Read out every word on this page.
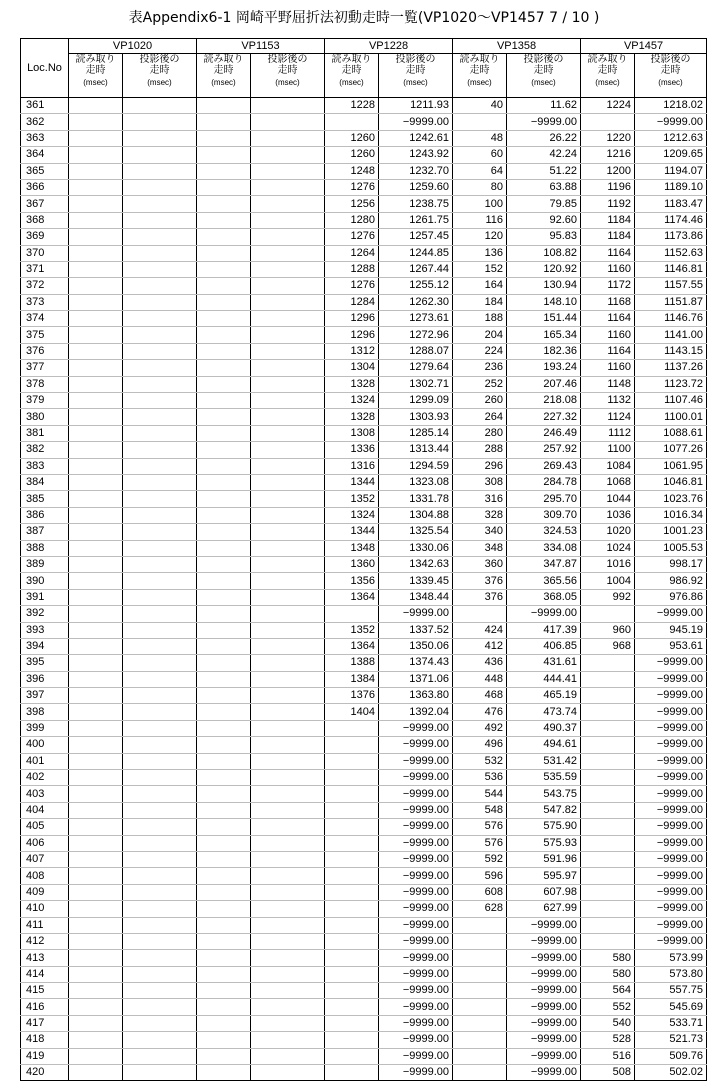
表Appendix6-1 岡崎平野屈折法初動走時一覧(VP1020～VP1457 7 / 10 )
Loc.No	VP1020		VP1153		VP1228		VP1358		VP1457	

	読み取り
走時
(msec)	投影後の
走時
(msec)	読み取り
走時
(msec)	投影後の
走時
(msec)	読み取り
走時
(msec)	投影後の
走時
(msec)	読み取り
走時
(msec)	投影後の
走時
(msec)	読み取り
走時
(msec)	投影後の
走時
(msec)

361					1228	1211.93	40	11.62	1224	1218.02
362						−9999.00		−9999.00		−9999.00
363					1260	1242.61	48	26.22	1220	1212.63
364					1260	1243.92	60	42.24	1216	1209.65
365					1248	1232.70	64	51.22	1200	1194.07
366					1276	1259.60	80	63.88	1196	1189.10
367					1256	1238.75	100	79.85	1192	1183.47
368					1280	1261.75	116	92.60	1184	1174.46
369					1276	1257.45	120	95.83	1184	1173.86
370					1264	1244.85	136	108.82	1164	1152.63
371					1288	1267.44	152	120.92	1160	1146.81
372					1276	1255.12	164	130.94	1172	1157.55
373					1284	1262.30	184	148.10	1168	1151.87
374					1296	1273.61	188	151.44	1164	1146.76
375					1296	1272.96	204	165.34	1160	1141.00
376					1312	1288.07	224	182.36	1164	1143.15
377					1304	1279.64	236	193.24	1160	1137.26
378					1328	1302.71	252	207.46	1148	1123.72
379					1324	1299.09	260	218.08	1132	1107.46
380					1328	1303.93	264	227.32	1124	1100.01
381					1308	1285.14	280	246.49	1112	1088.61
382					1336	1313.44	288	257.92	1100	1077.26
383					1316	1294.59	296	269.43	1084	1061.95
384					1344	1323.08	308	284.78	1068	1046.81
385					1352	1331.78	316	295.70	1044	1023.76
386					1324	1304.88	328	309.70	1036	1016.34
387					1344	1325.54	340	324.53	1020	1001.23
388					1348	1330.06	348	334.08	1024	1005.53
389					1360	1342.63	360	347.87	1016	998.17
390					1356	1339.45	376	365.56	1004	986.92
391					1364	1348.44	376	368.05	992	976.86
392						−9999.00		−9999.00		−9999.00
393					1352	1337.52	424	417.39	960	945.19
394					1364	1350.06	412	406.85	968	953.61
395					1388	1374.43	436	431.61		−9999.00
396					1384	1371.06	448	444.41		−9999.00
397					1376	1363.80	468	465.19		−9999.00
398					1404	1392.04	476	473.74		−9999.00
399						−9999.00	492	490.37		−9999.00
400						−9999.00	496	494.61		−9999.00
401						−9999.00	532	531.42		−9999.00
402						−9999.00	536	535.59		−9999.00
403						−9999.00	544	543.75		−9999.00
404						−9999.00	548	547.82		−9999.00
405						−9999.00	576	575.90		−9999.00
406						−9999.00	576	575.93		−9999.00
407						−9999.00	592	591.96		−9999.00
408						−9999.00	596	595.97		−9999.00
409						−9999.00	608	607.98		−9999.00
410						−9999.00	628	627.99		−9999.00
411						−9999.00		−9999.00		−9999.00
412						−9999.00		−9999.00		−9999.00
413						−9999.00		−9999.00	580	573.99
414						−9999.00		−9999.00	580	573.80
415						−9999.00		−9999.00	564	557.75
416						−9999.00		−9999.00	552	545.69
417						−9999.00		−9999.00	540	533.71
418						−9999.00		−9999.00	528	521.73
419						−9999.00		−9999.00	516	509.76
420						−9999.00		−9999.00	508	502.02
